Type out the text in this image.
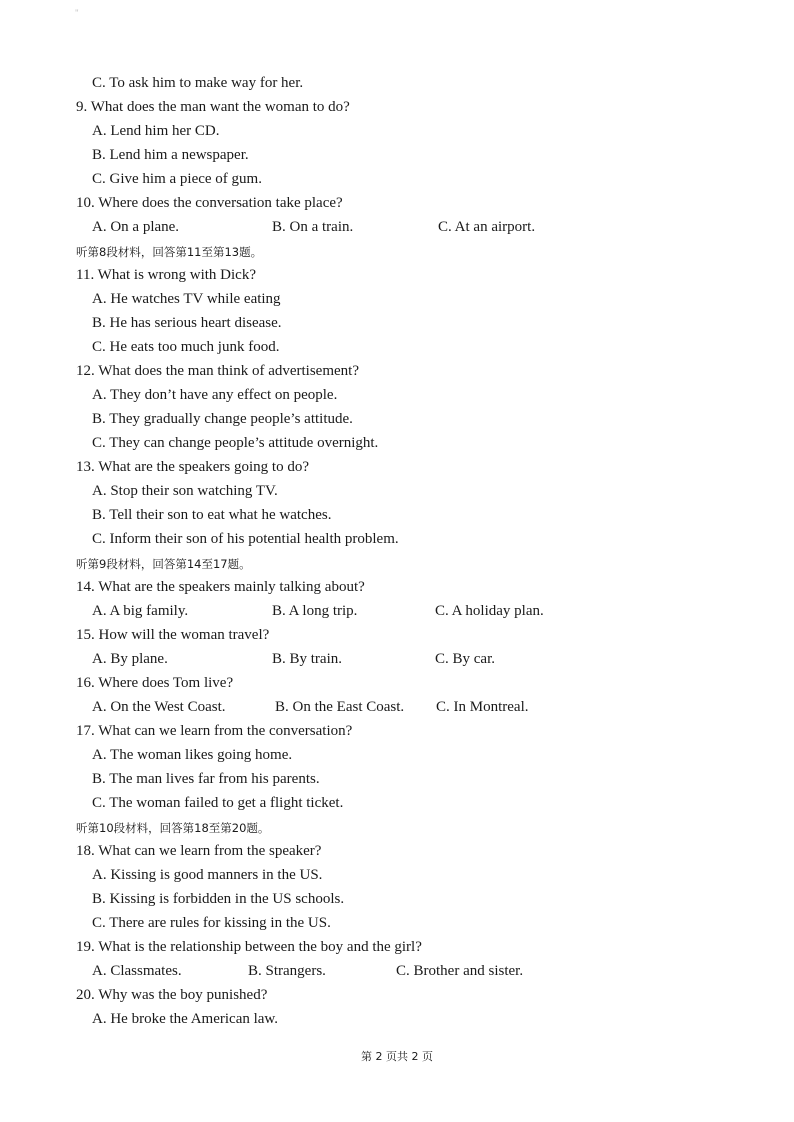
"
C. To ask him to make way for her.
9. What does the man want the woman to do?
A. Lend him her CD.
B. Lend him a newspaper.
C. Give him a piece of gum.
10. Where does the conversation take place?
A. On a plane.	B. On a train.	C. At an airport.
听第8段材料，回答第11至第13题。
11. What is wrong with Dick?
A. He watches TV while eating
B. He has serious heart disease.
C. He eats too much junk food.
12. What does the man think of advertisement?
A. They don’t have any effect on people.
B. They gradually change people’s attitude.
C. They can change people’s attitude overnight.
13. What are the speakers going to do?
A. Stop their son watching TV.
B. Tell their son to eat what he watches.
C. Inform their son of his potential health problem.
听第9段材料，回答第14至17题。
14. What are the speakers mainly talking about?
A. A big family.	B. A long trip.	C. A holiday plan.
15. How will the woman travel?
A. By plane.	B. By train.	C. By car.
16. Where does Tom live?
A. On the West Coast.	B. On the East Coast. C. In Montreal.
17. What can we learn from the conversation?
A. The woman likes going home.
B. The man lives far from his parents.
C. The woman failed to get a flight ticket.
听第10段材料，回答第18至第20题。
18. What can we learn from the speaker?
A. Kissing is good manners in the US.
B. Kissing is forbidden in the US schools.
C. There are rules for kissing in the US.
19. What is the relationship between the boy and the girl?
A. Classmates.	B. Strangers.	C. Brother and sister.
20. Why was the boy punished?
A. He broke the American law.
第 2 页共 2 页
